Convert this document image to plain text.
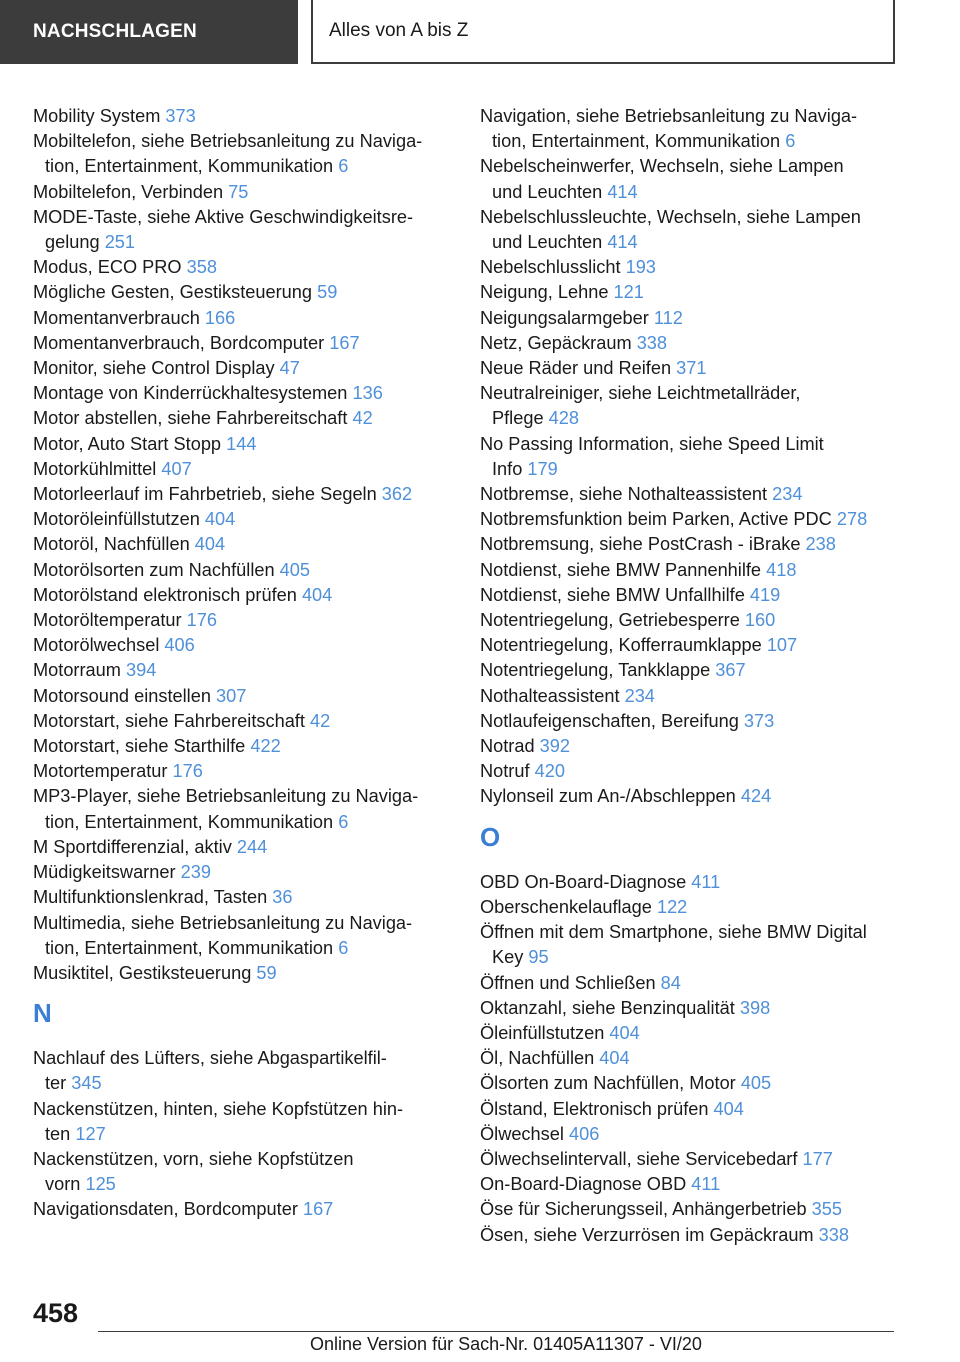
NACHSCHLAGEN	Alles von A bis Z

Mobility System 373

Mobiltelefon, siehe Betriebsanleitung zu Naviga‐
tion, Entertainment, Kommunikation 6

Mobiltelefon, Verbinden 75

MODE-Taste, siehe Aktive Geschwindigkeitsre‐
gelung 251

Modus, ECO PRO 358

Mögliche Gesten, Gestiksteuerung 59

Momentanverbrauch 166

Momentanverbrauch, Bordcomputer 167

Monitor, siehe Control Display 47

Montage von Kinderrückhaltesystemen 136

Motor abstellen, siehe Fahrbereitschaft 42

Motor, Auto Start Stopp 144

Motorkühlmittel 407

Motorleerlauf im Fahrbetrieb, siehe Segeln 362

Motoröleinfüllstutzen 404

Motoröl, Nachfüllen 404

Motorölsorten zum Nachfüllen 405

Motorölstand elektronisch prüfen 404

Motoröltemperatur 176

Motorölwechsel 406

Motorraum 394

Motorsound einstellen 307

Motorstart, siehe Fahrbereitschaft 42

Motorstart, siehe Starthilfe 422

Motortemperatur 176

MP3-Player, siehe Betriebsanleitung zu Naviga‐
tion, Entertainment, Kommunikation 6

M Sportdifferenzial, aktiv 244

Müdigkeitswarner 239

Multifunktionslenkrad, Tasten 36

Multimedia, siehe Betriebsanleitung zu Naviga‐
tion, Entertainment, Kommunikation 6

Musiktitel, Gestiksteuerung 59

N

Nachlauf des Lüfters, siehe Abgaspartikelfil‐
ter 345

Nackenstützen, hinten, siehe Kopfstützen hin‐
ten 127

Nackenstützen, vorn, siehe Kopfstützen
vorn 125

Navigationsdaten, Bordcomputer 167

Navigation, siehe Betriebsanleitung zu Naviga‐
tion, Entertainment, Kommunikation 6

Nebelscheinwerfer, Wechseln, siehe Lampen
und Leuchten 414

Nebelschlussleuchte, Wechseln, siehe Lampen
und Leuchten 414

Nebelschlusslicht 193

Neigung, Lehne 121

Neigungsalarmgeber 112

Netz, Gepäckraum 338

Neue Räder und Reifen 371

Neutralreiniger, siehe Leichtmetallräder,
Pflege 428

No Passing Information, siehe Speed Limit
Info 179

Notbremse, siehe Nothalteassistent 234

Notbremsfunktion beim Parken, Active PDC 278

Notbremsung, siehe PostCrash - iBrake 238

Notdienst, siehe BMW Pannenhilfe 418

Notdienst, siehe BMW Unfallhilfe 419

Notentriegelung, Getriebesperre 160

Notentriegelung, Kofferraumklappe 107

Notentriegelung, Tankklappe 367

Nothalteassistent 234

Notlaufeigenschaften, Bereifung 373

Notrad 392

Notruf 420

Nylonseil zum An-/Abschleppen 424

O

OBD On-Board-Diagnose 411

Oberschenkelauflage 122

Öffnen mit dem Smartphone, siehe BMW Digital
Key 95

Öffnen und Schließen 84

Oktanzahl, siehe Benzinqualität 398

Öleinfüllstutzen 404

Öl, Nachfüllen 404

Ölsorten zum Nachfüllen, Motor 405

Ölstand, Elektronisch prüfen 404

Ölwechsel 406

Ölwechselintervall, siehe Servicebedarf 177

On-Board-Diagnose OBD 411

Öse für Sicherungsseil, Anhängerbetrieb 355

Ösen, siehe Verzurrösen im Gepäckraum 338

458
Online Version für Sach-Nr. 01405A11307 - VI/20
